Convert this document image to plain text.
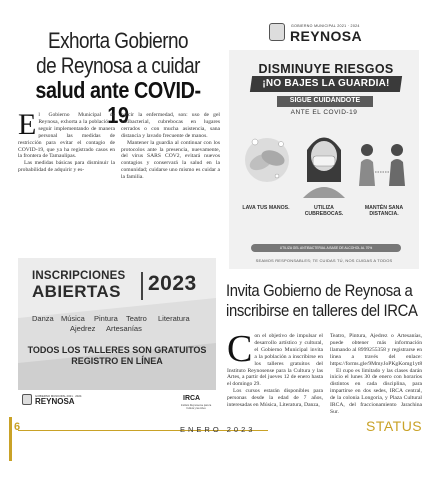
Exhorta Gobierno
de Reynosa a cuidar
salud ante COVID-19

El Gobierno Municipal de Reynosa, exhorta a la población a seguir implementando de manera personal las medidas de restricción para evitar el contagio de COVID-19, que ya ha registrado casos en la frontera de Tamaulipas.

Las medidas básicas para disminuir la probabilidad de adquirir y es-

parcir la enfermedad, son: uso de gel antibacterial, cubrebocas en lugares cerrados o con mucha asistencia, sana distancia y lavado frecuente de manos.

Mantener la guardia al continuar con los protocolos ante la presencia, nuevamente, del virus SARS COV2, evitará nuevos contagios y conservará la salud en la comunidad; cuidarse uno mismo es cuidar a la familia.

GOBIERNO MUNICIPAL 2021 · 2024
REYNOSA
DISMINUYE RIESGOS
¡NO BAJES LA GUARDIA!
SIGUE CUIDÁNDOTE
ANTE EL COVID-19
LAVA TUS MANOS.	UTILIZA CUBREBOCAS.
MANTÉN SANA DISTANCIA.
UTILIZA GEL ANTIBACTERIAL A BASE DE ALCOHOL AL 70%
SEAMOS RESPONSABLES; TE CUIDAS TÚ, NOS CUIDAS A TODOS
INSCRIPCIONES
ABIERTAS 2023
Danza Música Pintura Teatro Literatura
Ajedrez Artesanías
TODOS LOS TALLERES SON GRATUITOS
REGISTRO EN LÍNEA
GOBIERNO MUNICIPAL 2021 · 2024
REYNOSA	IRCA
Instituto Reynosense para la Cultura y las Artes
Invita Gobierno de Reynosa a
inscribirse en talleres del IRCA

Con el objetivo de impulsar el desarrollo artístico y cultural, el Gobierno Municipal invita a la población a inscribirse en los talleres gratuitos del Instituto Reynosense para la Cultura y las Artes, a partir del jueves 12 de enero hasta el domingo 29.

Los cursos estarán disponibles para personas desde la edad de 7 años, interesadas en Música, Literatura, Danza,

Teatro, Pintura, Ajedrez o Artesanías, puede obtener más información llamando al 8999255358 y registrarse en línea a través del enlace: https://forms.gle/9MmyJoPKgKomg1yt8

El cupo es limitado y las clases darán inicio el lunes 30 de enero con horarios distintos en cada disciplina, para impartirse en dos sedes, IRCA central, de la colonia Longoria, y Plaza Cultural IRCA, del fraccionamiento Jarachina Sur.

6	ENERO 2023	STATUS
